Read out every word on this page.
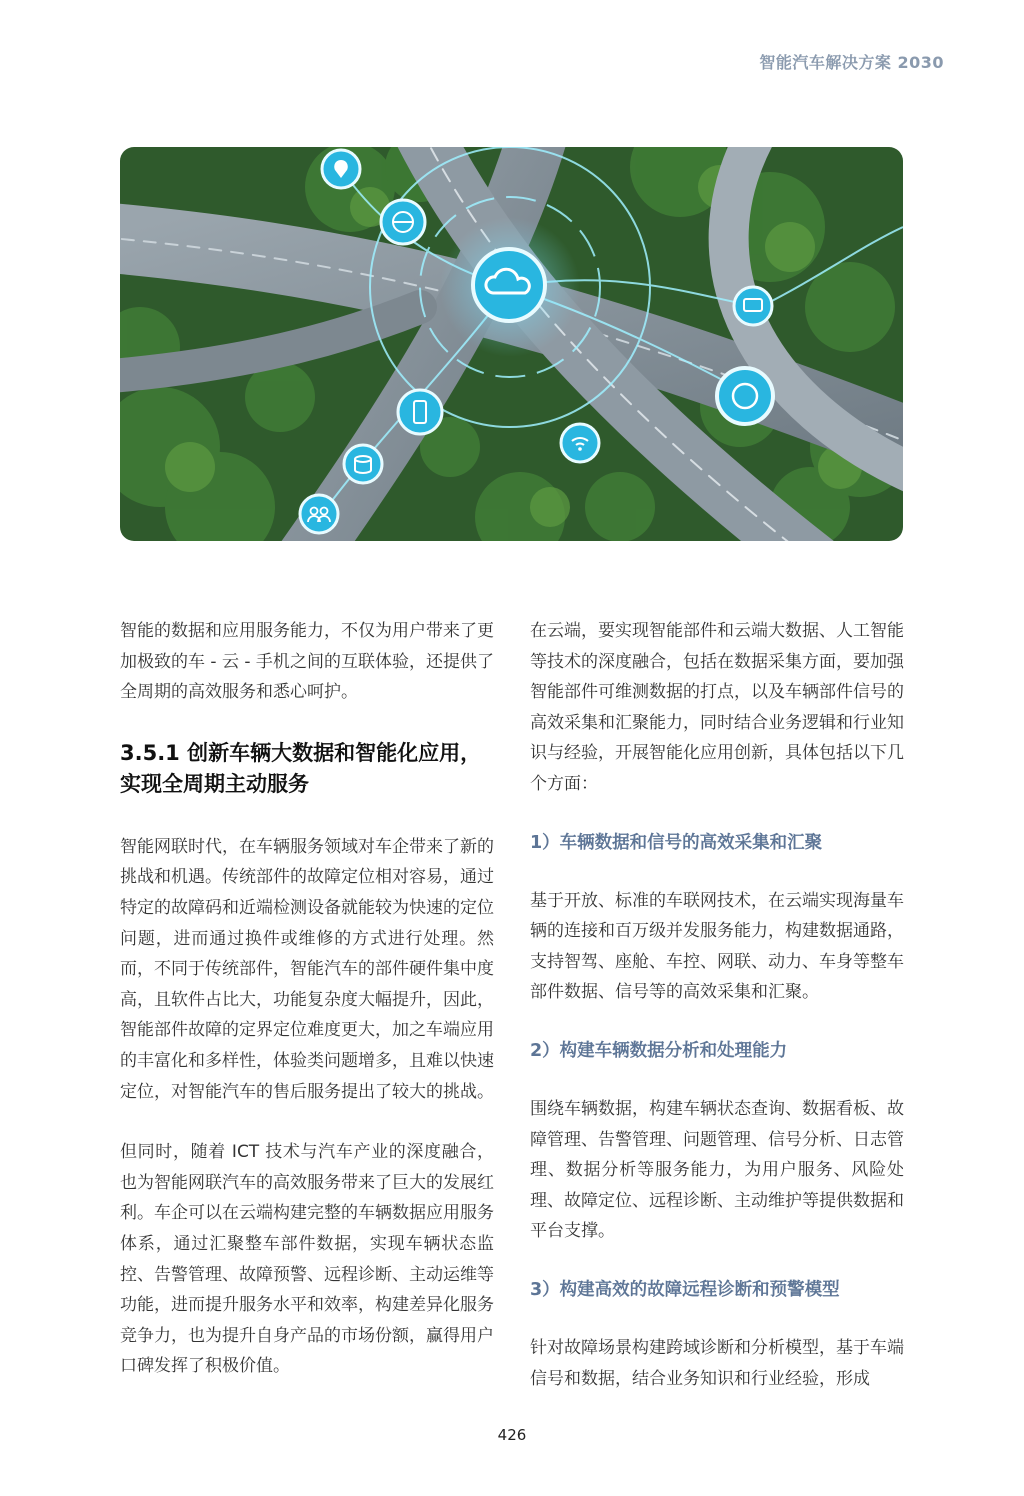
智能汽车解决方案 2030

智能的数据和应用服务能力，不仅为用户带来了更加极致的车 - 云 - 手机之间的互联体验，还提供了全周期的高效服务和悉心呵护。

3.5.1 创新车辆大数据和智能化应用，
实现全周期主动服务

智能网联时代，在车辆服务领域对车企带来了新的挑战和机遇。传统部件的故障定位相对容易，通过特定的故障码和近端检测设备就能较为快速的定位问题，进而通过换件或维修的方式进行处理。然而，不同于传统部件，智能汽车的部件硬件集中度高，且软件占比大，功能复杂度大幅提升，因此，智能部件故障的定界定位难度更大，加之车端应用的丰富化和多样性，体验类问题增多，且难以快速定位，对智能汽车的售后服务提出了较大的挑战。

但同时，随着 ICT 技术与汽车产业的深度融合，也为智能网联汽车的高效服务带来了巨大的发展红利。车企可以在云端构建完整的车辆数据应用服务体系，通过汇聚整车部件数据，实现车辆状态监控、告警管理、故障预警、远程诊断、主动运维等功能，进而提升服务水平和效率，构建差异化服务竞争力，也为提升自身产品的市场份额，赢得用户口碑发挥了积极价值。

在云端，要实现智能部件和云端大数据、人工智能等技术的深度融合，包括在数据采集方面，要加强智能部件可维测数据的打点，以及车辆部件信号的高效采集和汇聚能力，同时结合业务逻辑和行业知识与经验，开展智能化应用创新，具体包括以下几个方面：

1）车辆数据和信号的高效采集和汇聚

基于开放、标准的车联网技术，在云端实现海量车辆的连接和百万级并发服务能力，构建数据通路，支持智驾、座舱、车控、网联、动力、车身等整车部件数据、信号等的高效采集和汇聚。

2）构建车辆数据分析和处理能力

围绕车辆数据，构建车辆状态查询、数据看板、故障管理、告警管理、问题管理、信号分析、日志管理、数据分析等服务能力，为用户服务、风险处理、故障定位、远程诊断、主动维护等提供数据和平台支撑。

3）构建高效的故障远程诊断和预警模型

针对故障场景构建跨域诊断和分析模型，基于车端信号和数据，结合业务知识和行业经验，形成

426
